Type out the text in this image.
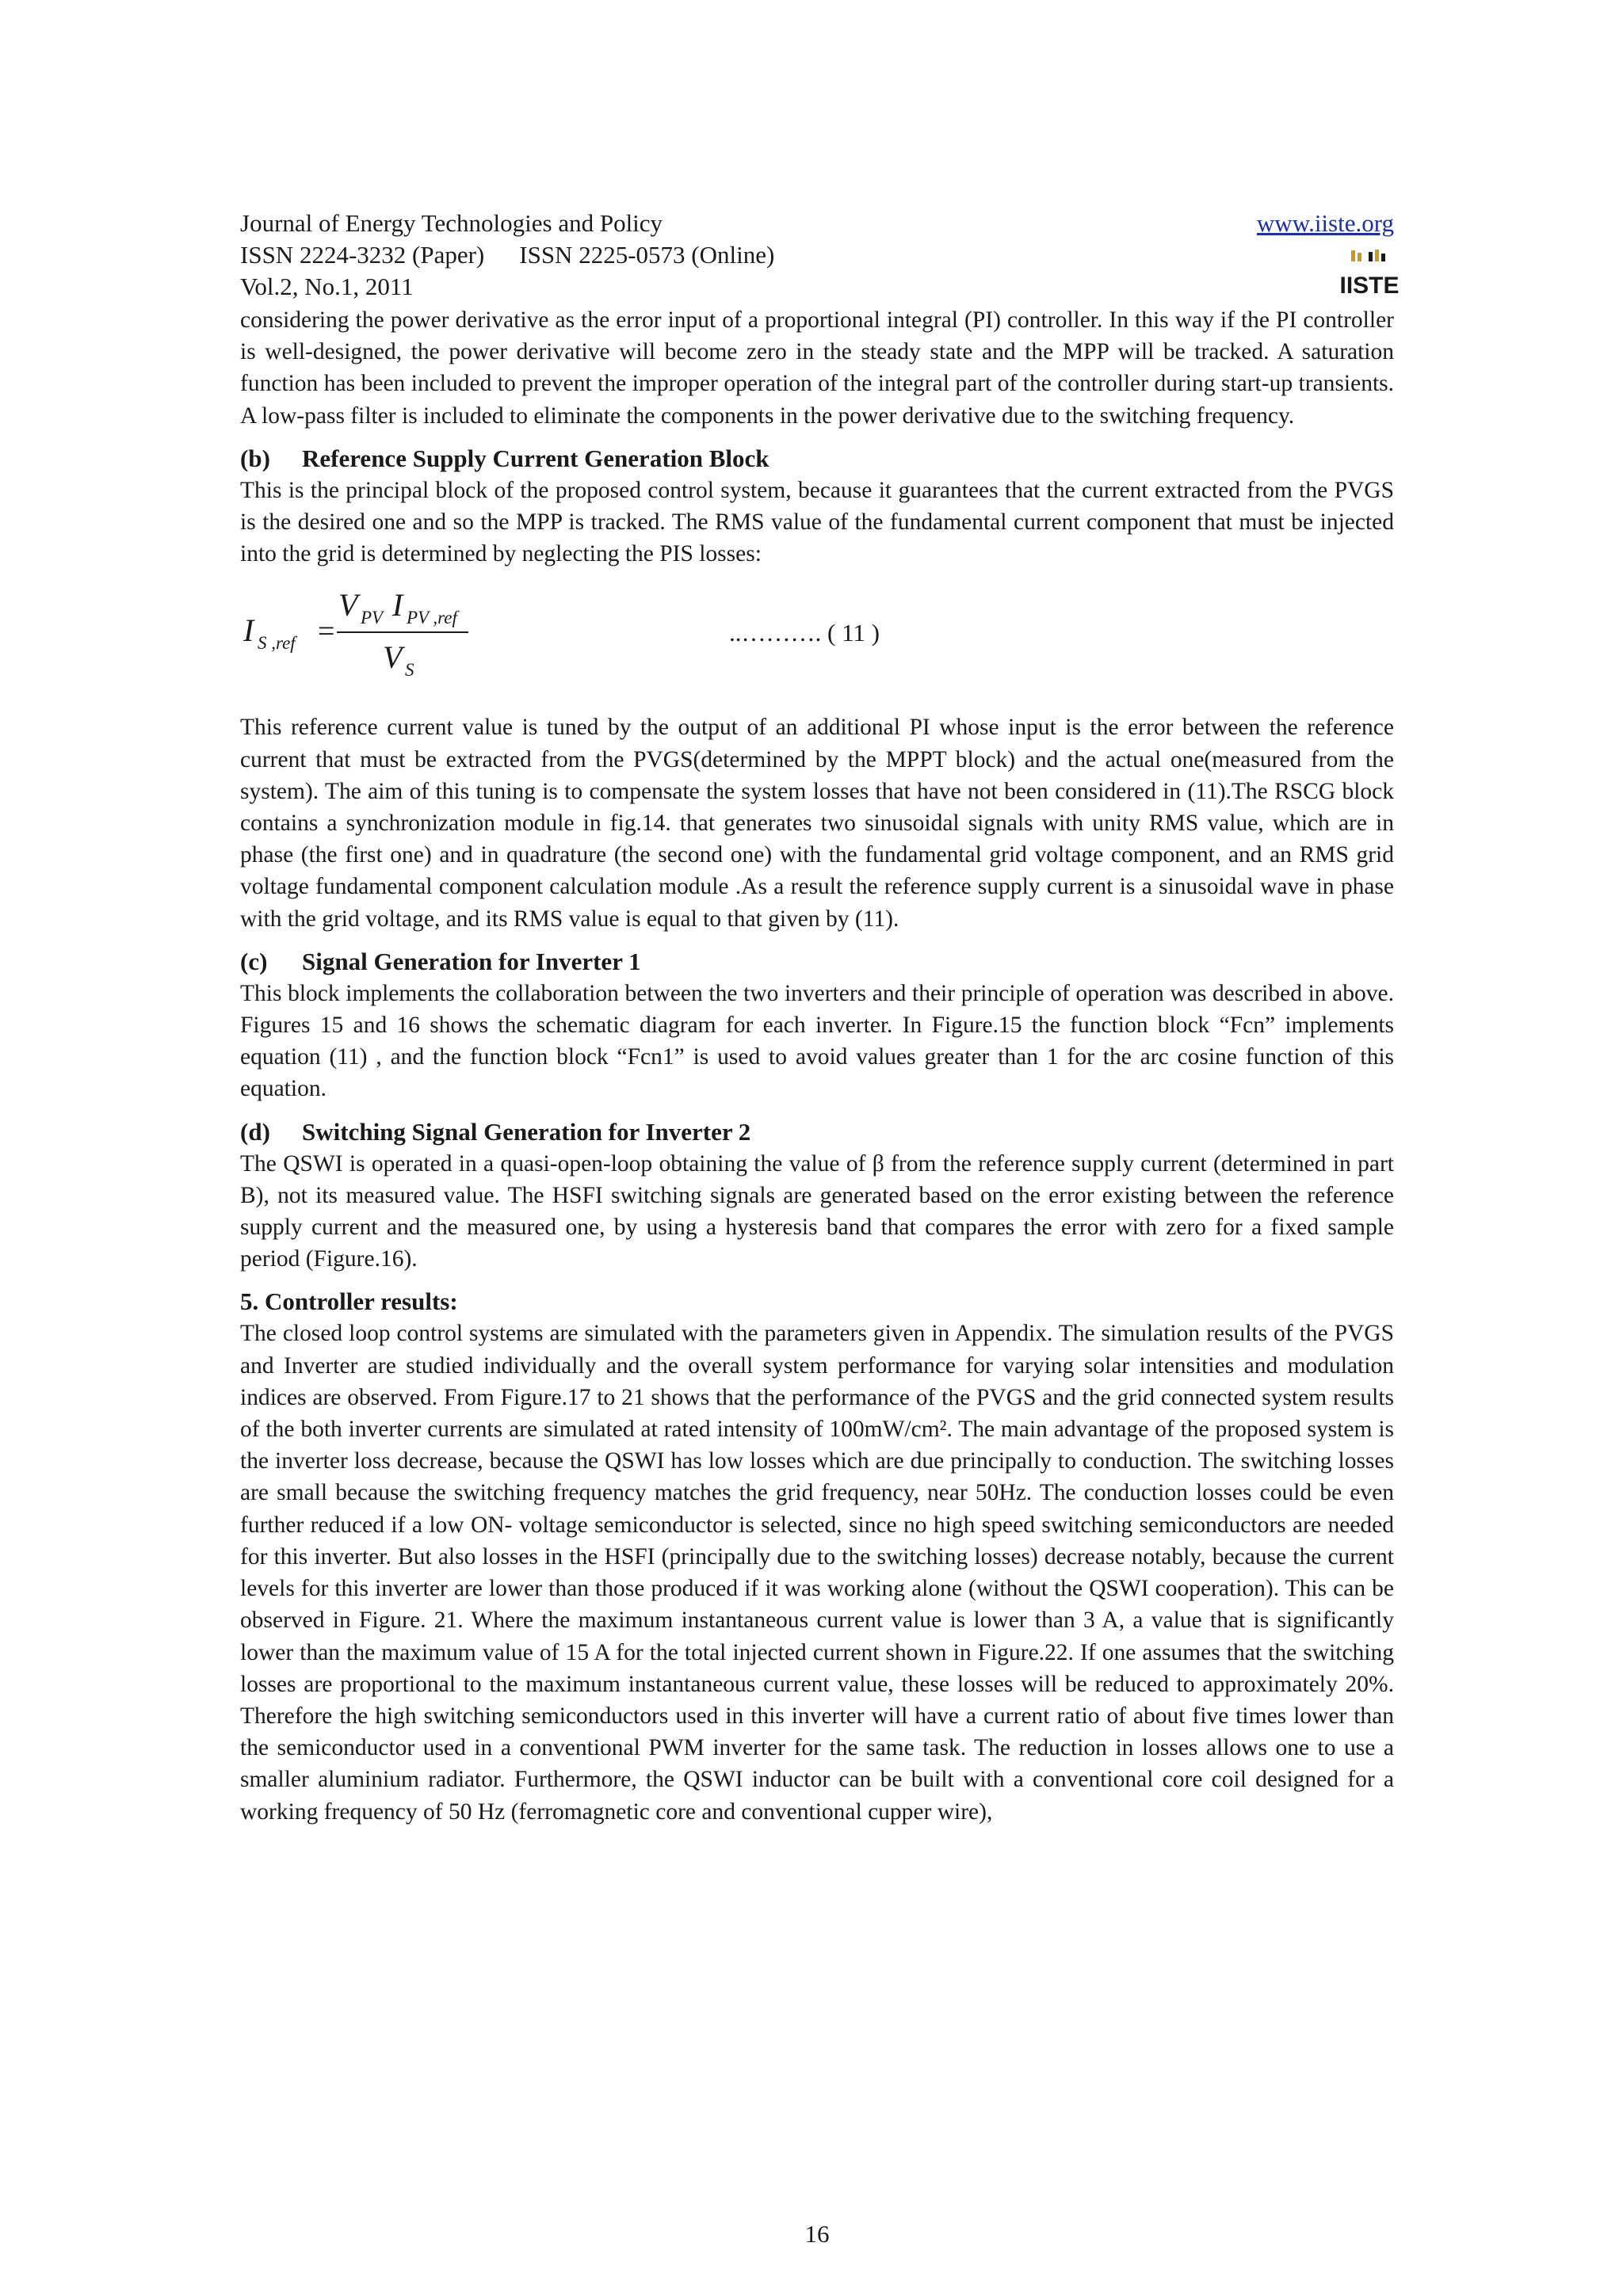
Journal of Energy Technologies and Policy
ISSN 2224-3232 (Paper) ISSN 2225-0573 (Online)
Vol.2, No.1, 2011
www.iiste.org
IISTE

considering the power derivative as the error input of a proportional integral (PI) controller. In this way if the PI controller is well-designed, the power derivative will become zero in the steady state and the MPP will be tracked. A saturation function has been included to prevent the improper operation of the integral part of the controller during start-up transients. A low-pass filter is included to eliminate the components in the power derivative due to the switching frequency.

(b) Reference Supply Current Generation Block

This is the principal block of the proposed control system, because it guarantees that the current extracted from the PVGS is the desired one and so the MPP is tracked. The RMS value of the fundamental current component that must be injected into the grid is determined by neglecting the PIS losses:

I S ,ref =
V PV I PV ,ref
V S
..………. ( 11 )

This reference current value is tuned by the output of an additional PI whose input is the error between the reference current that must be extracted from the PVGS(determined by the MPPT block) and the actual one(measured from the system). The aim of this tuning is to compensate the system losses that have not been considered in (11).The RSCG block contains a synchronization module in fig.14. that generates two sinusoidal signals with unity RMS value, which are in phase (the first one) and in quadrature (the second one) with the fundamental grid voltage component, and an RMS grid voltage fundamental component calculation module .As a result the reference supply current is a sinusoidal wave in phase with the grid voltage, and its RMS value is equal to that given by (11).

(c) Signal Generation for Inverter 1

This block implements the collaboration between the two inverters and their principle of operation was described in above. Figures 15 and 16 shows the schematic diagram for each inverter. In Figure.15 the function block “Fcn” implements equation (11) , and the function block “Fcn1” is used to avoid values greater than 1 for the arc cosine function of this equation.

(d) Switching Signal Generation for Inverter 2

The QSWI is operated in a quasi-open-loop obtaining the value of β from the reference supply current (determined in part B), not its measured value. The HSFI switching signals are generated based on the error existing between the reference supply current and the measured one, by using a hysteresis band that compares the error with zero for a fixed sample period (Figure.16).

5. Controller results:

The closed loop control systems are simulated with the parameters given in Appendix. The simulation results of the PVGS and Inverter are studied individually and the overall system performance for varying solar intensities and modulation indices are observed. From Figure.17 to 21 shows that the performance of the PVGS and the grid connected system results of the both inverter currents are simulated at rated intensity of 100mW/cm². The main advantage of the proposed system is the inverter loss decrease, because the QSWI has low losses which are due principally to conduction. The switching losses are small because the switching frequency matches the grid frequency, near 50Hz. The conduction losses could be even further reduced if a low ON- voltage semiconductor is selected, since no high speed switching semiconductors are needed for this inverter. But also losses in the HSFI (principally due to the switching losses) decrease notably, because the current levels for this inverter are lower than those produced if it was working alone (without the QSWI cooperation). This can be observed in Figure. 21. Where the maximum instantaneous current value is lower than 3 A, a value that is significantly lower than the maximum value of 15 A for the total injected current shown in Figure.22. If one assumes that the switching losses are proportional to the maximum instantaneous current value, these losses will be reduced to approximately 20%. Therefore the high switching semiconductors used in this inverter will have a current ratio of about five times lower than the semiconductor used in a conventional PWM inverter for the same task. The reduction in losses allows one to use a smaller aluminium radiator. Furthermore, the QSWI inductor can be built with a conventional core coil designed for a working frequency of 50 Hz (ferromagnetic core and conventional cupper wire),

16
